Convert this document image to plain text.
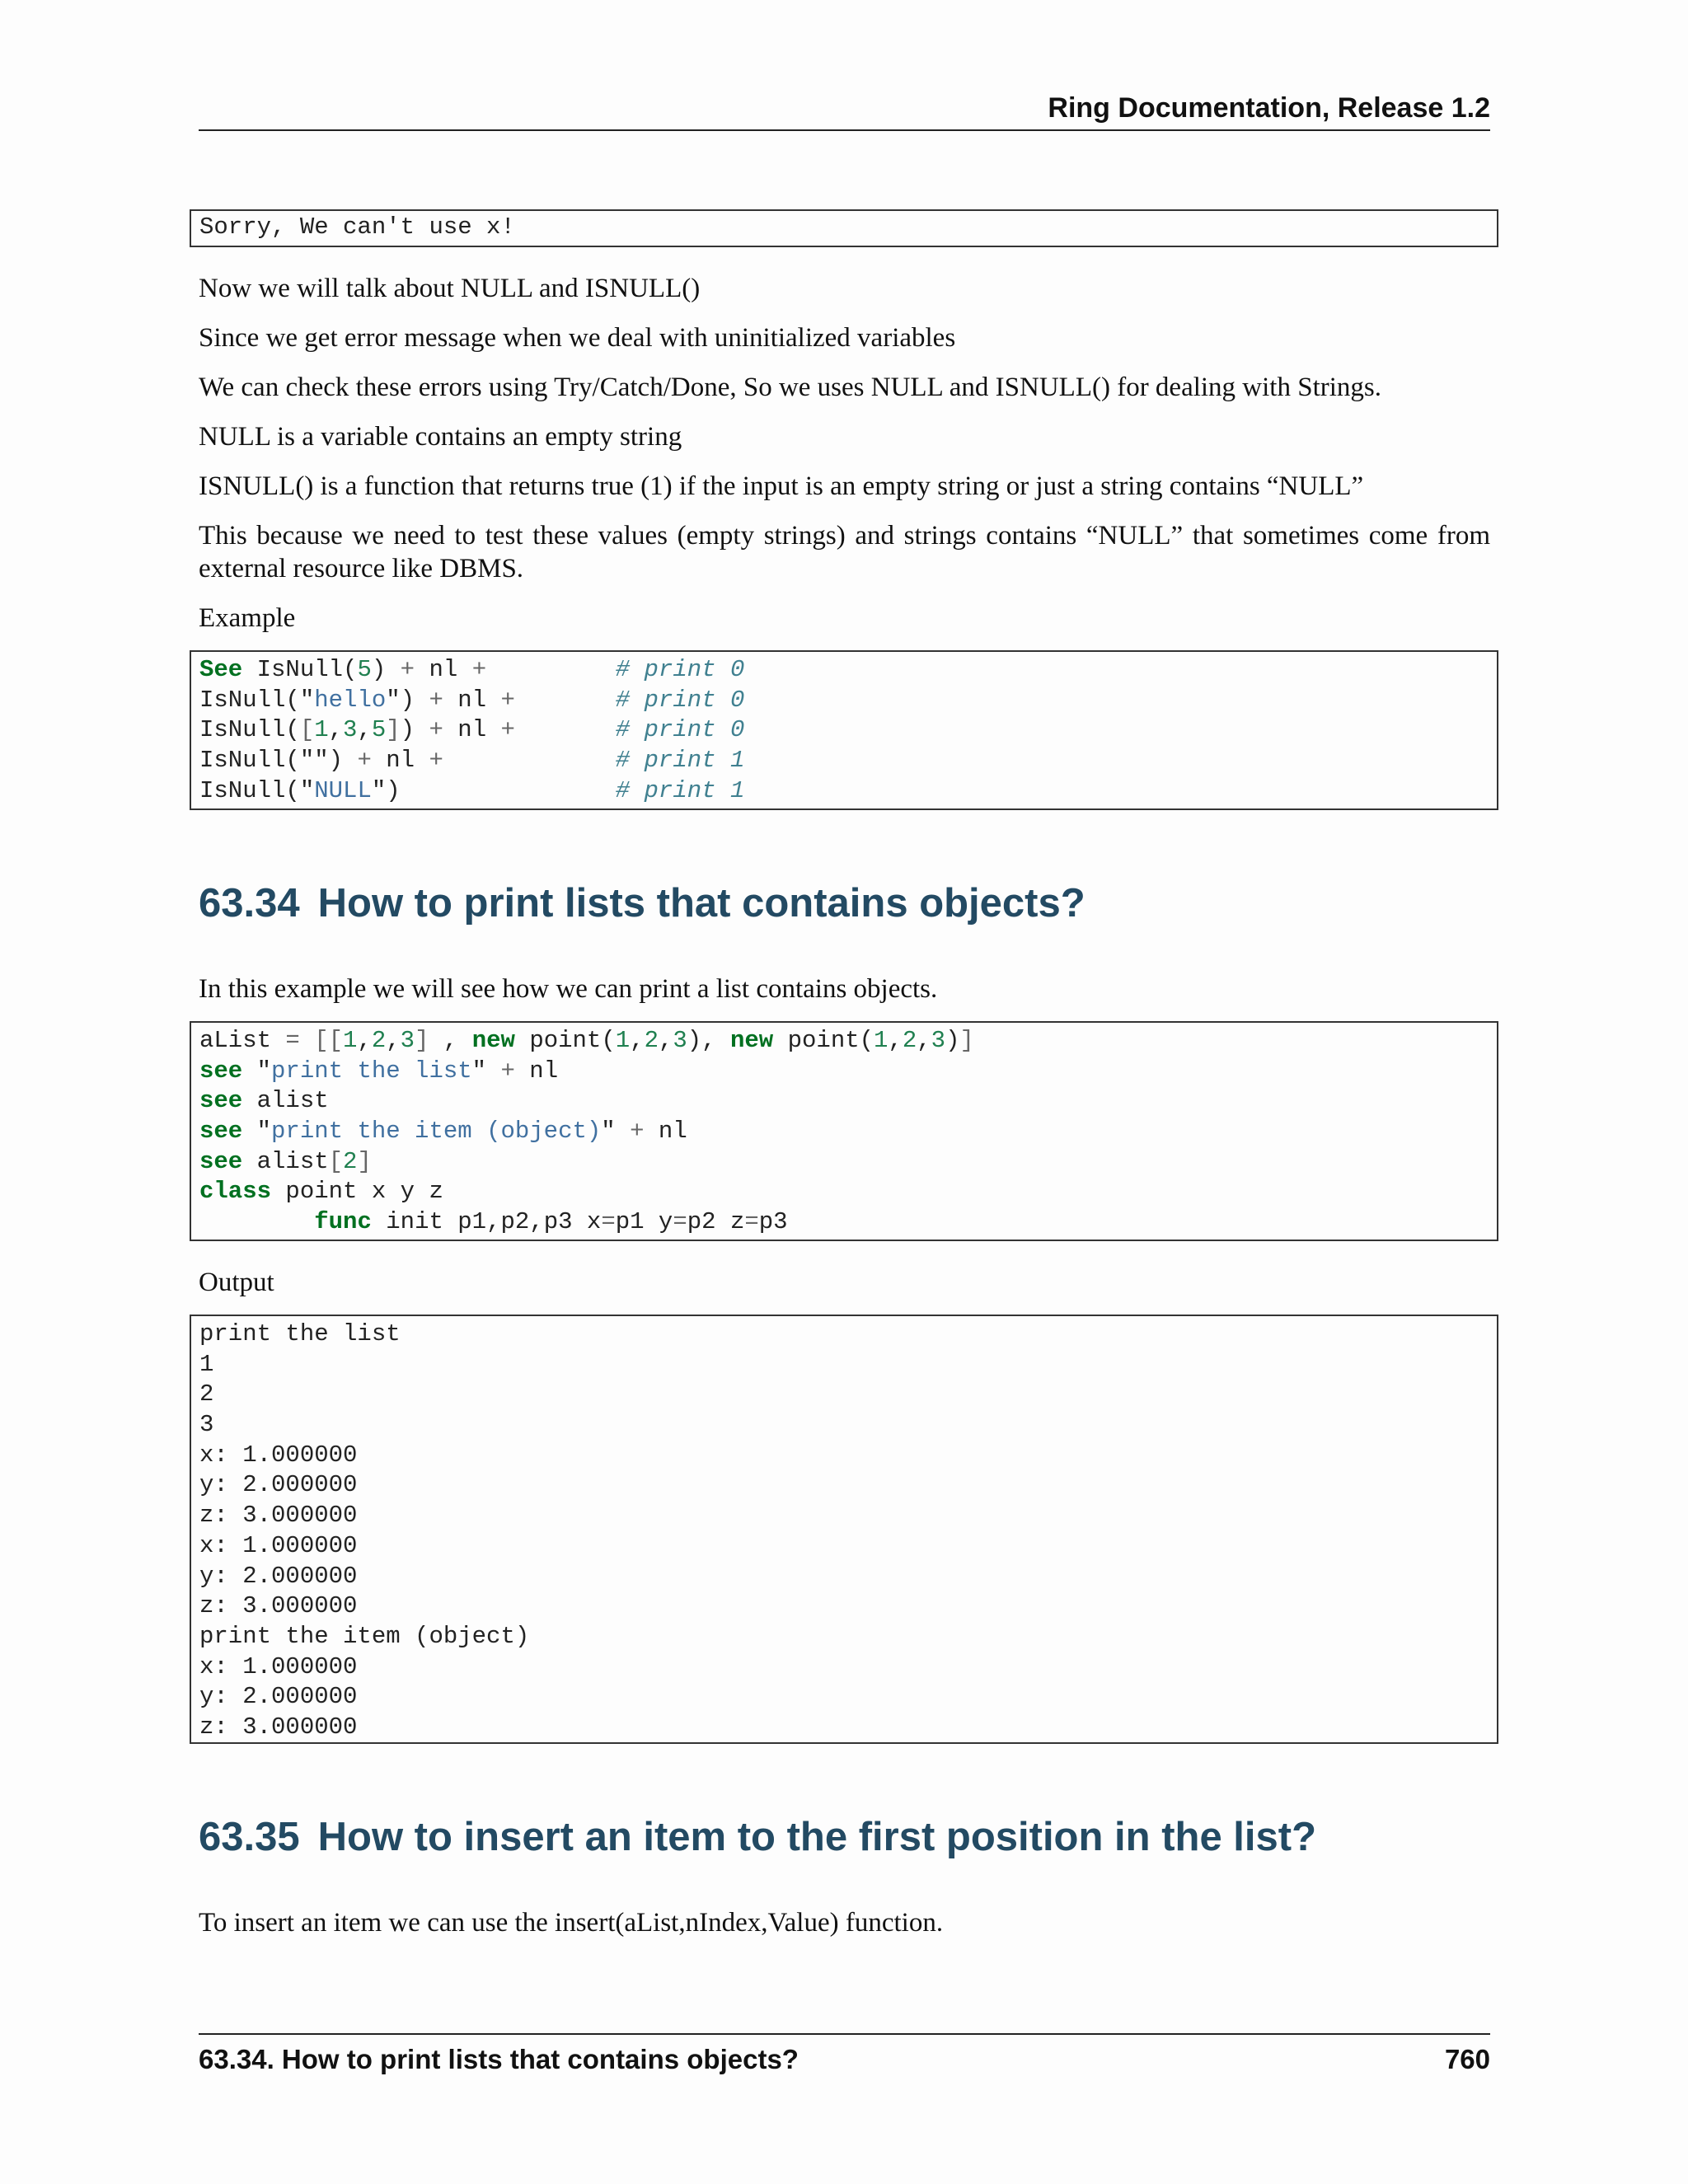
Ring Documentation, Release 1.2
Sorry, We can't use x!
Now we will talk about NULL and ISNULL()
Since we get error message when we deal with uninitialized variables
We can check these errors using Try/Catch/Done, So we uses NULL and ISNULL() for dealing with Strings.
NULL is a variable contains an empty string
ISNULL() is a function that returns true (1) if the input is an empty string or just a string contains “NULL”
This because we need to test these values (empty strings) and strings contains “NULL” that sometimes come from external resource like DBMS.
Example
See IsNull(5) + nl +	# print 0
IsNull("hello") + nl +	# print 0
IsNull([1,3,5]) + nl +	# print 0
IsNull("") + nl +	# print 1
IsNull("NULL")               # print 1
63.34 How to print lists that contains objects?
In this example we will see how we can print a list contains objects.
aList = [[1,2,3] , new point(1,2,3), new point(1,2,3)]
see "print the list" + nl
see alist
see "print the item (object)" + nl
see alist[2]
class point x y z
func init p1,p2,p3 x=p1 y=p2 z=p3
Output
print the list
1
2
3
x: 1.000000
y: 2.000000
z: 3.000000
x: 1.000000
y: 2.000000
z: 3.000000
print the item (object)
x: 1.000000
y: 2.000000
z: 3.000000
63.35 How to insert an item to the first position in the list?
To insert an item we can use the insert(aList,nIndex,Value) function.
63.34. How to print lists that contains objects?	760
